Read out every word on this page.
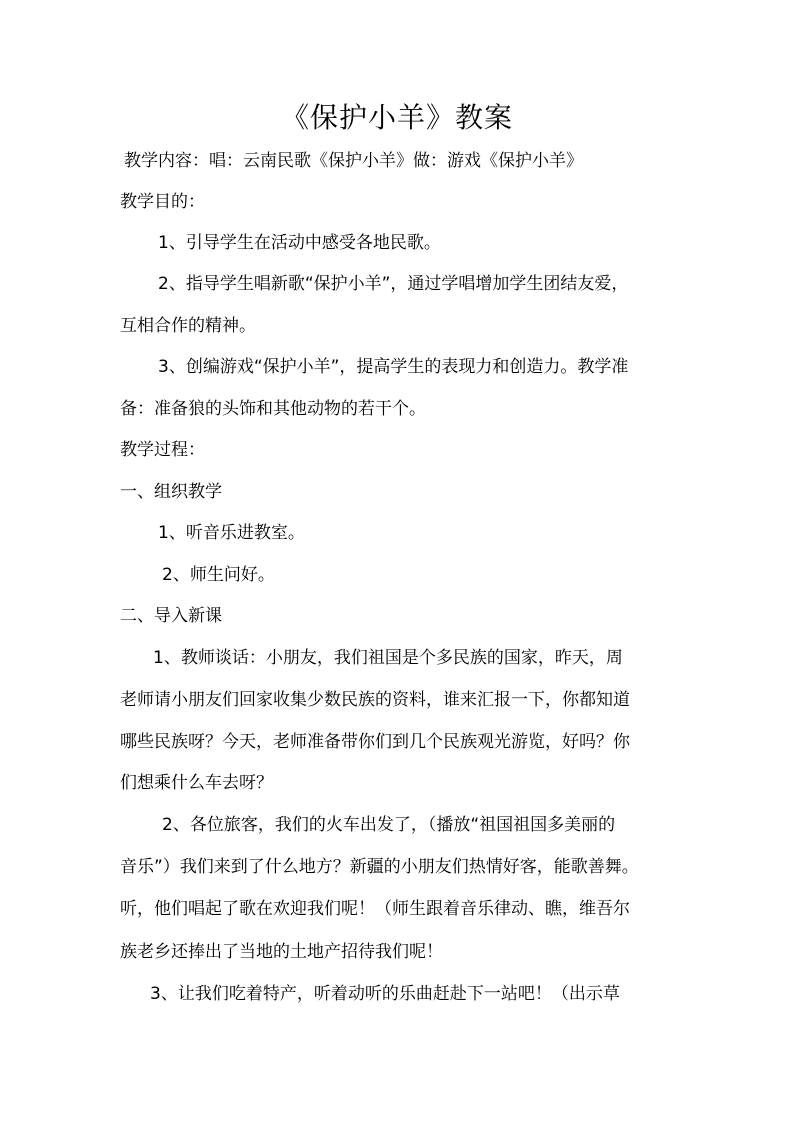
《保护小羊》教案
教学内容：唱：云南民歌《保护小羊》做：游戏《保护小羊》
教学目的：
1、引导学生在活动中感受各地民歌。
2、指导学生唱新歌“保护小羊”，通过学唱增加学生团结友爱，
互相合作的精神。
3、创编游戏“保护小羊”，提高学生的表现力和创造力。教学准
备：准备狼的头饰和其他动物的若干个。
教学过程：
一、组织教学
1、听音乐进教室。
2、师生问好。
二、导入新课
1、教师谈话：小朋友，我们祖国是个多民族的国家，昨天，周
老师请小朋友们回家收集少数民族的资料，谁来汇报一下，你都知道
哪些民族呀？今天，老师准备带你们到几个民族观光游览，好吗？你
们想乘什么车去呀？
2、各位旅客，我们的火车出发了，（播放“祖国祖国多美丽的
音乐”）我们来到了什么地方？新疆的小朋友们热情好客，能歌善舞。
听，他们唱起了歌在欢迎我们呢！（师生跟着音乐律动、瞧，维吾尔
族老乡还捧出了当地的土地产招待我们呢！
3、让我们吃着特产，听着动听的乐曲赶赴下一站吧！（出示草
